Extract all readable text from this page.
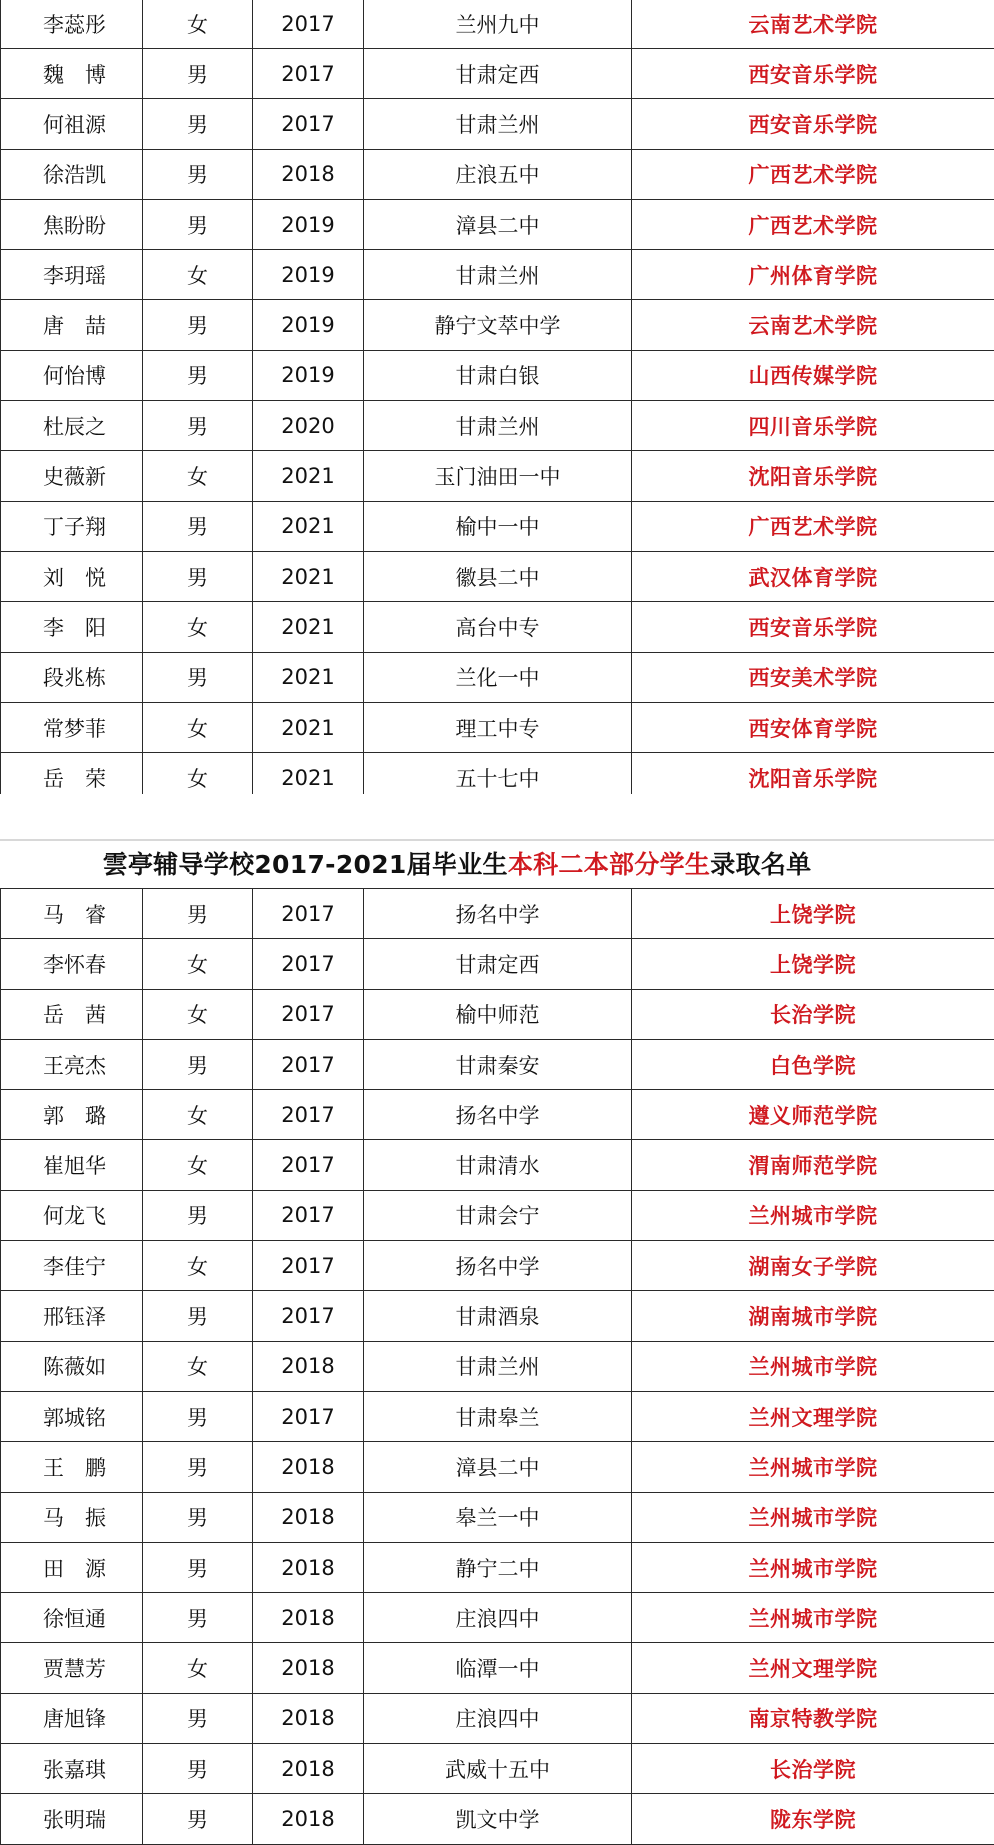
李蕊彤	女	2017	兰州九中	云南艺术学院
魏　博	男	2017	甘肃定西	西安音乐学院
何祖源	男	2017	甘肃兰州	西安音乐学院
徐浩凯	男	2018	庄浪五中	广西艺术学院
焦盼盼	男	2019	漳县二中	广西艺术学院
李玥瑶	女	2019	甘肃兰州	广州体育学院
唐　喆	男	2019	静宁文萃中学	云南艺术学院
何怡博	男	2019	甘肃白银	山西传媒学院
杜辰之	男	2020	甘肃兰州	四川音乐学院
史薇新	女	2021	玉门油田一中	沈阳音乐学院
丁子翔	男	2021	榆中一中	广西艺术学院
刘　悦	男	2021	徽县二中	武汉体育学院
李　阳	女	2021	高台中专	西安音乐学院
段兆栋	男	2021	兰化一中	西安美术学院
常梦菲	女	2021	理工中专	西安体育学院
岳　荣	女	2021	五十七中	沈阳音乐学院
雲亭辅导学校2017-2021届毕业生本科二本部分学生录取名单
马　睿	男	2017	扬名中学	上饶学院
李怀春	女	2017	甘肃定西	上饶学院
岳　茜	女	2017	榆中师范	长治学院
王亮杰	男	2017	甘肃秦安	白色学院
郭　璐	女	2017	扬名中学	遵义师范学院
崔旭华	女	2017	甘肃清水	渭南师范学院
何龙飞	男	2017	甘肃会宁	兰州城市学院
李佳宁	女	2017	扬名中学	湖南女子学院
邢钰泽	男	2017	甘肃酒泉	湖南城市学院
陈薇如	女	2018	甘肃兰州	兰州城市学院
郭城铭	男	2017	甘肃皋兰	兰州文理学院
王　鹏	男	2018	漳县二中	兰州城市学院
马　振	男	2018	皋兰一中	兰州城市学院
田　源	男	2018	静宁二中	兰州城市学院
徐恒通	男	2018	庄浪四中	兰州城市学院
贾慧芳	女	2018	临潭一中	兰州文理学院
唐旭锋	男	2018	庄浪四中	南京特教学院
张嘉琪	男	2018	武威十五中	长治学院
张明瑞	男	2018	凯文中学	陇东学院
